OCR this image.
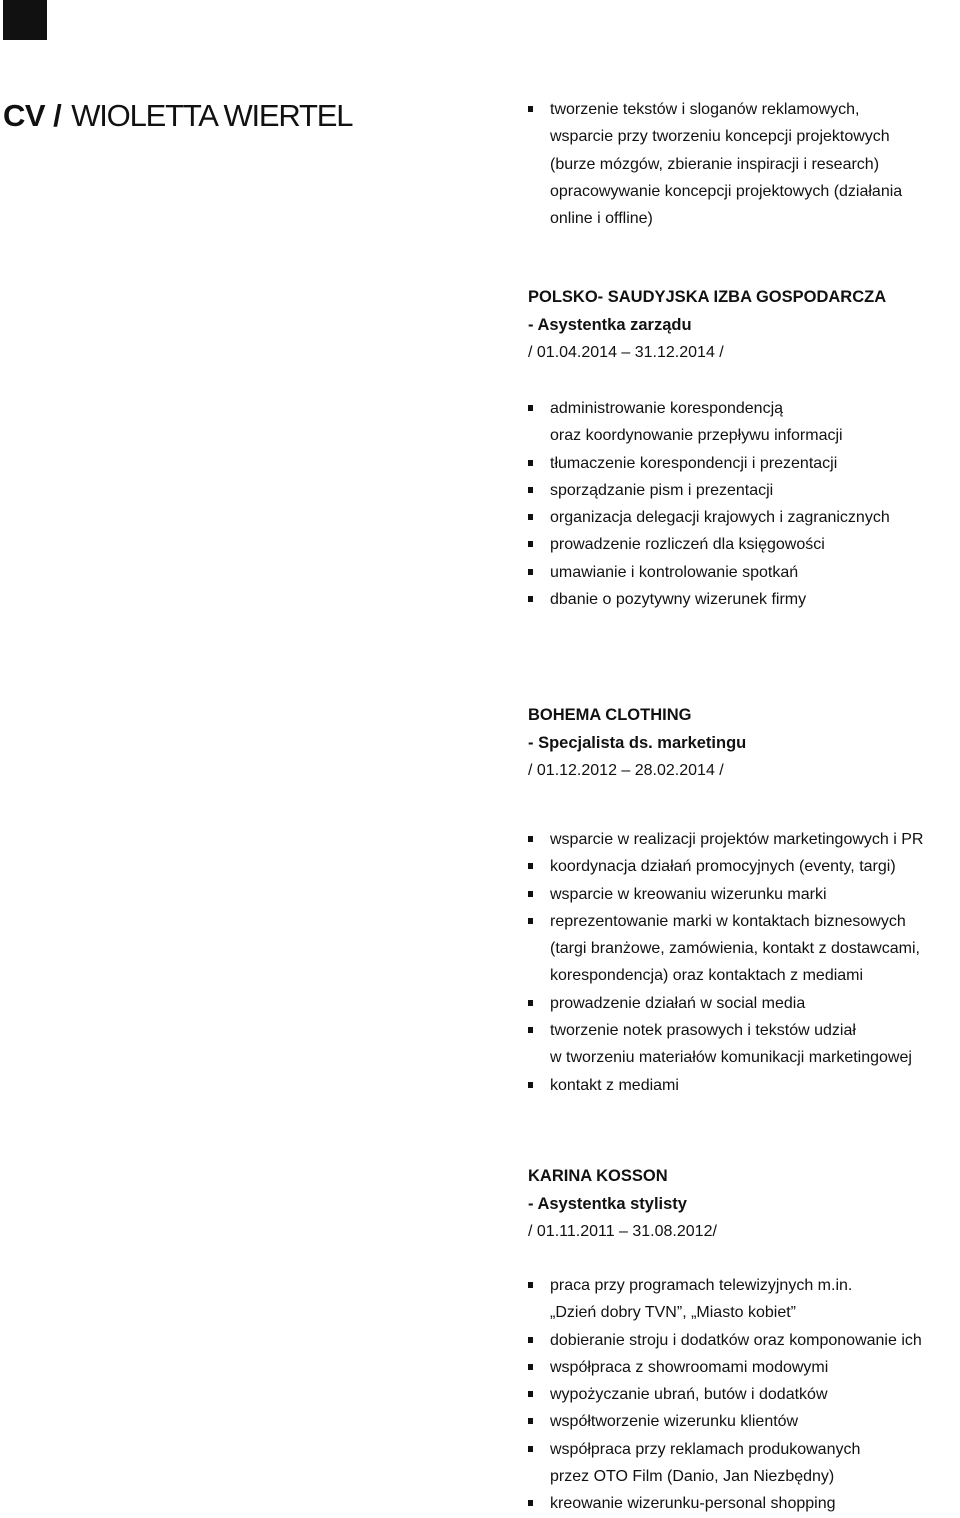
CV / WIOLETTA WIERTEL	tworzenie tekstów i sloganów reklamowych,
wsparcie przy tworzeniu koncepcji projektowych
(burze mózgów, zbieranie inspiracji i research)
opracowywanie koncepcji projektowych (działania
online i offline)
POLSKO- SAUDYJSKA IZBA GOSPODARCZA
- Asystentka zarządu
/ 01.04.2014 – 31.12.2014 /
administrowanie korespondencją
oraz koordynowanie przepływu informacji
tłumaczenie korespondencji i prezentacji
sporządzanie pism i prezentacji
organizacja delegacji krajowych i zagranicznych
prowadzenie rozliczeń dla księgowości
umawianie i kontrolowanie spotkań
dbanie o pozytywny wizerunek firmy
BOHEMA CLOTHING
- Specjalista ds. marketingu
/ 01.12.2012 – 28.02.2014 /
wsparcie w realizacji projektów marketingowych i PR
koordynacja działań promocyjnych (eventy, targi)
wsparcie w kreowaniu wizerunku marki
reprezentowanie marki w kontaktach biznesowych
(targi branżowe, zamówienia, kontakt z dostawcami,
korespondencja) oraz kontaktach z mediami
prowadzenie działań w social media
tworzenie notek prasowych i tekstów udział
w tworzeniu materiałów komunikacji marketingowej
kontakt z mediami
KARINA KOSSON
- Asystentka stylisty
/ 01.11.2011 – 31.08.2012/
praca przy programach telewizyjnych m.in.
„Dzień dobry TVN”, „Miasto kobiet”
dobieranie stroju i dodatków oraz komponowanie ich
współpraca z showroomami modowymi
wypożyczanie ubrań, butów i dodatków
współtworzenie wizerunku klientów
współpraca przy reklamach produkowanych
przez OTO Film (Danio, Jan Niezbędny)
kreowanie wizerunku-personal shopping
